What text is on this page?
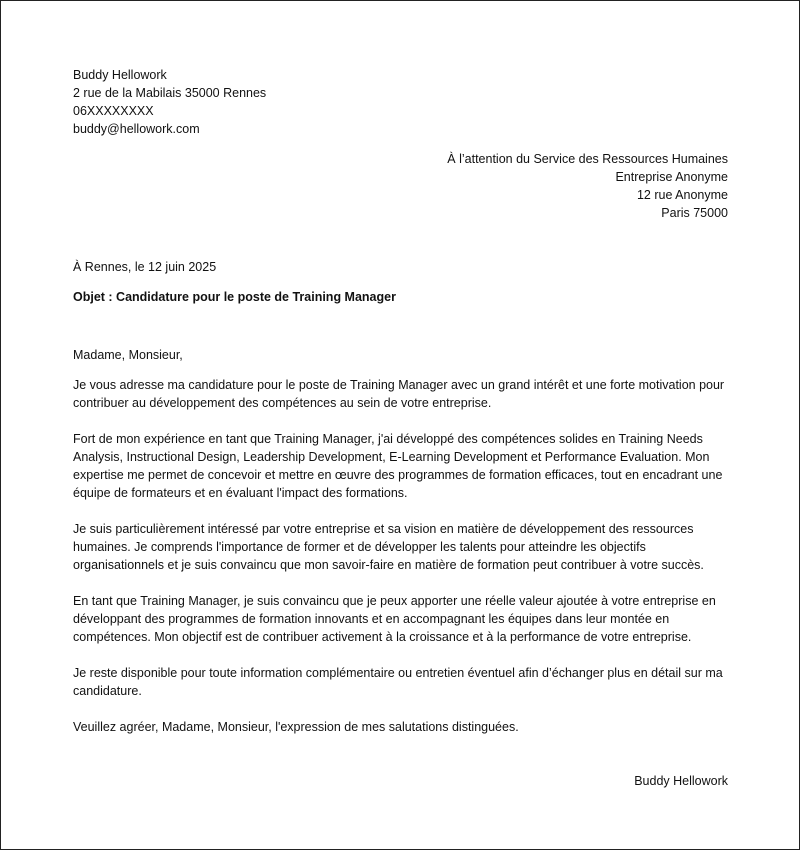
Buddy Hellowork
2 rue de la Mabilais 35000 Rennes
06XXXXXXXX
buddy@hellowork.com
À l’attention du Service des Ressources Humaines
Entreprise Anonyme
12 rue Anonyme
Paris 75000
À Rennes, le 12 juin 2025
Objet : Candidature pour le poste de Training Manager
Madame, Monsieur,

Je vous adresse ma candidature pour le poste de Training Manager avec un grand intérêt et une forte motivation pour contribuer au développement des compétences au sein de votre entreprise.

Fort de mon expérience en tant que Training Manager, j'ai développé des compétences solides en Training Needs Analysis, Instructional Design, Leadership Development, E-Learning Development et Performance Evaluation. Mon expertise me permet de concevoir et mettre en œuvre des programmes de formation efficaces, tout en encadrant une équipe de formateurs et en évaluant l'impact des formations.

Je suis particulièrement intéressé par votre entreprise et sa vision en matière de développement des ressources humaines. Je comprends l'importance de former et de développer les talents pour atteindre les objectifs organisationnels et je suis convaincu que mon savoir-faire en matière de formation peut contribuer à votre succès.

En tant que Training Manager, je suis convaincu que je peux apporter une réelle valeur ajoutée à votre entreprise en développant des programmes de formation innovants et en accompagnant les équipes dans leur montée en compétences. Mon objectif est de contribuer activement à la croissance et à la performance de votre entreprise.

Je reste disponible pour toute information complémentaire ou entretien éventuel afin d’échanger plus en détail sur ma candidature.

Veuillez agréer, Madame, Monsieur, l'expression de mes salutations distinguées.
Buddy Hellowork
